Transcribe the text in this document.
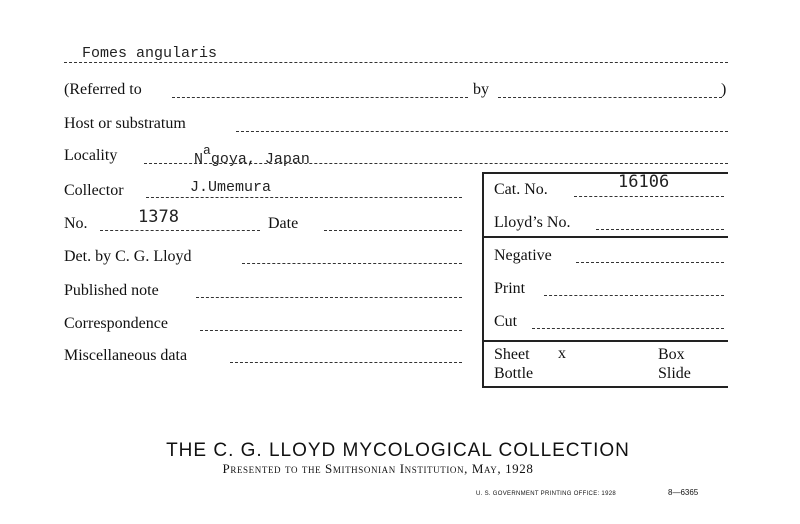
Fomes angularis
(Referred to	by	)
Host or substratum
Locality	$N^agoya$, Japan
Collector	J.Umemura
No.	1378	Date
Det. by C. G. Lloyd
Published note
Correspondence
Miscellaneous data
Cat. No.	16106
Lloyd’s No.
Negative
Print
Cut
Sheet x	Box
Bottle	Slide
THE C. G. LLOYD MYCOLOGICAL COLLECTION
Presented to the Smithsonian Institution, May, 1928
U. S. GOVERNMENT PRINTING OFFICE: 1928	8—6365
